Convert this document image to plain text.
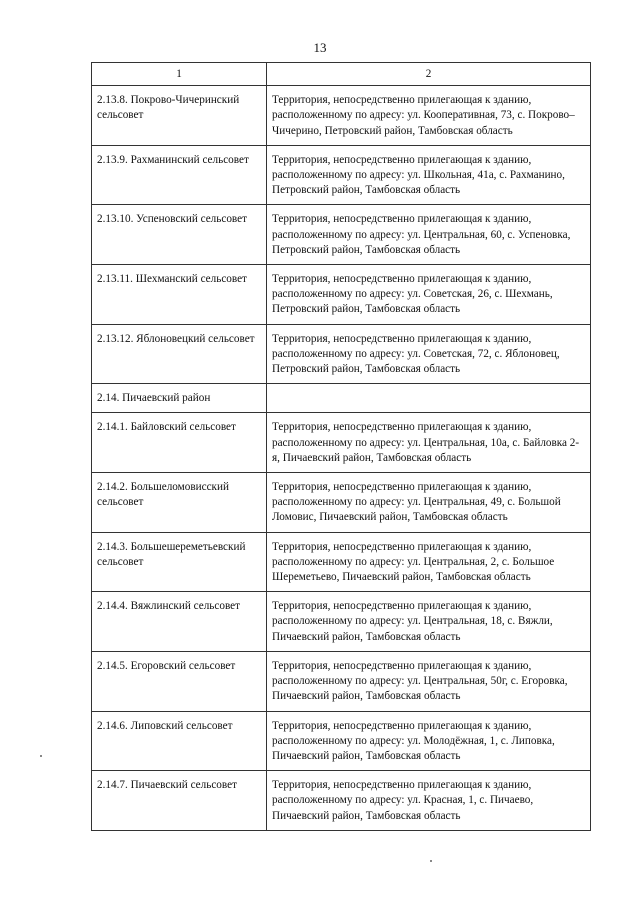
13
1	2
2.13.8. Покрово-Чичеринский сельсовет	Территория, непосредственно прилегающая к зданию, расположенному по адресу: ул. Кооперативная, 73, с. Покрово–Чичерино, Петровский район, Тамбовская область
2.13.9. Рахманинский сельсовет	Территория, непосредственно прилегающая к зданию, расположенному по адресу: ул. Школьная, 41а, с. Рахманино, Петровский район, Тамбовская область
2.13.10. Успеновский сельсовет	Территория, непосредственно прилегающая к зданию, расположенному по адресу: ул. Центральная, 60, с. Успеновка, Петровский район, Тамбовская область
2.13.11. Шехманский сельсовет	Территория, непосредственно прилегающая к зданию, расположенному по адресу: ул. Советская, 26, с. Шехмань, Петровский район, Тамбовская область
2.13.12. Яблоновецкий сельсовет	Территория, непосредственно прилегающая к зданию, расположенному по адресу: ул. Советская, 72, с. Яблоновец, Петровский район, Тамбовская область
2.14. Пичаевский район	
2.14.1. Байловский сельсовет	Территория, непосредственно прилегающая к зданию, расположенному по адресу: ул. Центральная, 10а, с. Байловка 2-я, Пичаевский район, Тамбовская область
2.14.2. Большеломовисский сельсовет	Территория, непосредственно прилегающая к зданию, расположенному по адресу: ул. Центральная, 49, с. Большой Ломовис, Пичаевский район, Тамбовская область
2.14.3. Большешереметьевский сельсовет	Территория, непосредственно прилегающая к зданию, расположенному по адресу: ул. Центральная, 2, с. Большое Шереметьево, Пичаевский район, Тамбовская область
2.14.4. Вяжлинский сельсовет	Территория, непосредственно прилегающая к зданию, расположенному по адресу: ул. Центральная, 18, с. Вяжли, Пичаевский район, Тамбовская область
2.14.5. Егоровский сельсовет	Территория, непосредственно прилегающая к зданию, расположенному по адресу: ул. Центральная, 50г, с. Егоровка, Пичаевский район, Тамбовская область
2.14.6. Липовский сельсовет	Территория, непосредственно прилегающая к зданию, расположенному по адресу: ул. Молодёжная, 1, с. Липовка, Пичаевский район, Тамбовская область
2.14.7. Пичаевский сельсовет	Территория, непосредственно прилегающая к зданию, расположенному по адресу: ул. Красная, 1, с. Пичаево, Пичаевский район, Тамбовская область
